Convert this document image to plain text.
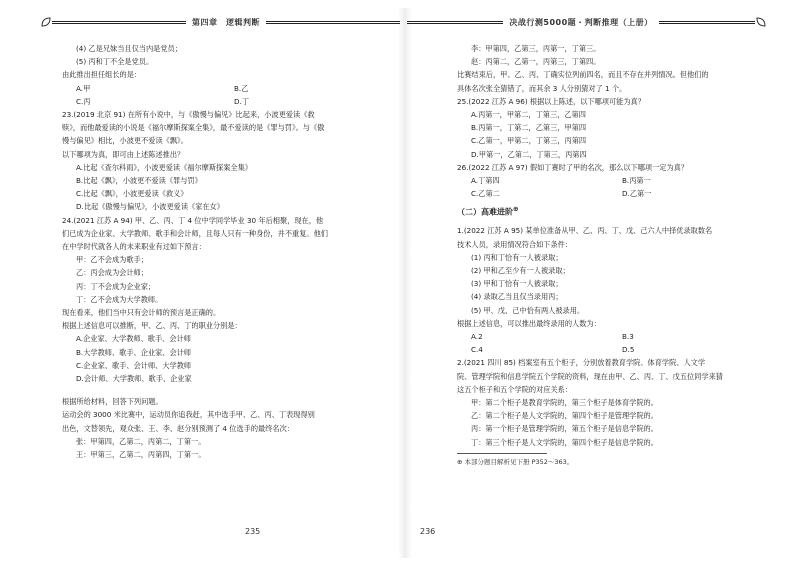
第四章　逻辑判断	决战行测5000题・判断推理（上册）
(4) 乙是兄妹当且仅当内是党员；
(5) 丙和丁不全是党员。
由此推出担任组长的是：
A.甲	B.乙
C.丙	D.丁
23.(2019 北京 91) 在所有小说中，与《傲慢与偏见》比起来，小波更爱读《救
赎》，而他最爱读的小说是《福尔摩斯探案全集》，最不爱读的是《罪与罚》。与《傲
慢与偏见》相比，小波更不爱读《飘》。
以下哪项为真，即可由上述陈述推出？
A.比起《查尔科雨》，小波更爱读《福尔摩斯探案全集》
B.比起《飘》，小波更不爱读《罪与罚》
C.比起《飘》，小波更爱读《救义》
D.比起《傲慢与偏见》，小波更爱读《家在女》
24.(2021 江苏 A 94) 甲、乙、丙、丁 4 位中学同学毕业 30 年后相聚，现在，他
们已成为企业家、大学教师、歌手和会计师，且每人只有一种身份，并不重复。他们
在中学时代就各人的未来职业有过如下预言：
甲：乙不会成为歌手；
乙：丙会成为会计师；
丙：丁不会成为企业家；
丁：乙不会成为大学教师。
现在看来，他们当中只有会计师的预言是正确的。
根据上述信息可以推断，甲、乙、丙、丁的职业分别是：
A.企业家、大学教师、歌手、会计师
B.大学教师、歌手、企业家、会计师
C.企业家、歌手、会计师、大学教师
D.会计师、大学教师、歌手、企业家
根据所给材料，回答下列问题。
运动会的 3000 米比赛中，运动员你追我赶，其中选手甲、乙、丙、丁表现得别
出色，文替领先，观众张、王、李、赵分别预测了 4 位选手的最终名次：
张：甲第四，乙第二，丙第二，丁第一。
王：甲第三，乙第二，丙第四，丁第一。
李：甲第四，乙第三，丙第一，丁第三。
赵：丙第二，乙第一，丙第三，丁第四。
比赛结束后，甲、乙、丙、丁确实位列前四名，而且不存在并列情况。但他们的
具体名次张全猜错了，而其余 3 人分别猜对了 1 个。
25.(2022 江苏 A 96) 根据以上陈述，以下哪项可能为真？
A.丙第一，甲第二，丁第三，乙第四
B.丙第一，丁第二，乙第三，甲第四
C.乙第一，甲第二，丁第三，丙第四
D.甲第一，乙第二，丁第三，丙第四
26.(2022 江苏 A 97) 假如丁赛时了甲的名次，那么以下哪项一定为真？
A.丁第四	B.丙第一
C.乙第二	D.乙第一
（二）高难进阶⊕
1.(2022 江苏 A 95) 某单位准备从甲、乙、丙、丁、戊、己六人中择优录取数名
技术人员，录用情况符合如下条件：
(1) 丙和丁恰有一人被录取；
(2) 甲和乙至少有一人被录取；
(3) 甲和丁恰有一人被录取；
(4) 录取乙当且仅当录用丙；
(5) 甲、戊、己中恰有两人被录用。
根据上述信息，可以推出最终录用的人数为：
A.2	B.3
C.4	D.5
2.(2021 四川 85) 档案室有五个柜子，分别放着教育学院、体育学院、人文学
院、管理学院和信息学院五个学院的资料，现在由甲、乙、丙、丁、戊五位同学来猜
这五个柜子和五个学院的对应关系：
甲：第二个柜子是教育学院的，第三个柜子是体育学院的。
乙：第二个柜子是人文学院的，第四个柜子是管理学院的。
丙：第一个柜子是管理学院的，第五个柜子是信息学院的。
丁：第三个柜子是人文学院的，第四个柜子是信息学院的。
⊕ 本部分题目解析见下册 P352～363。
235	236
